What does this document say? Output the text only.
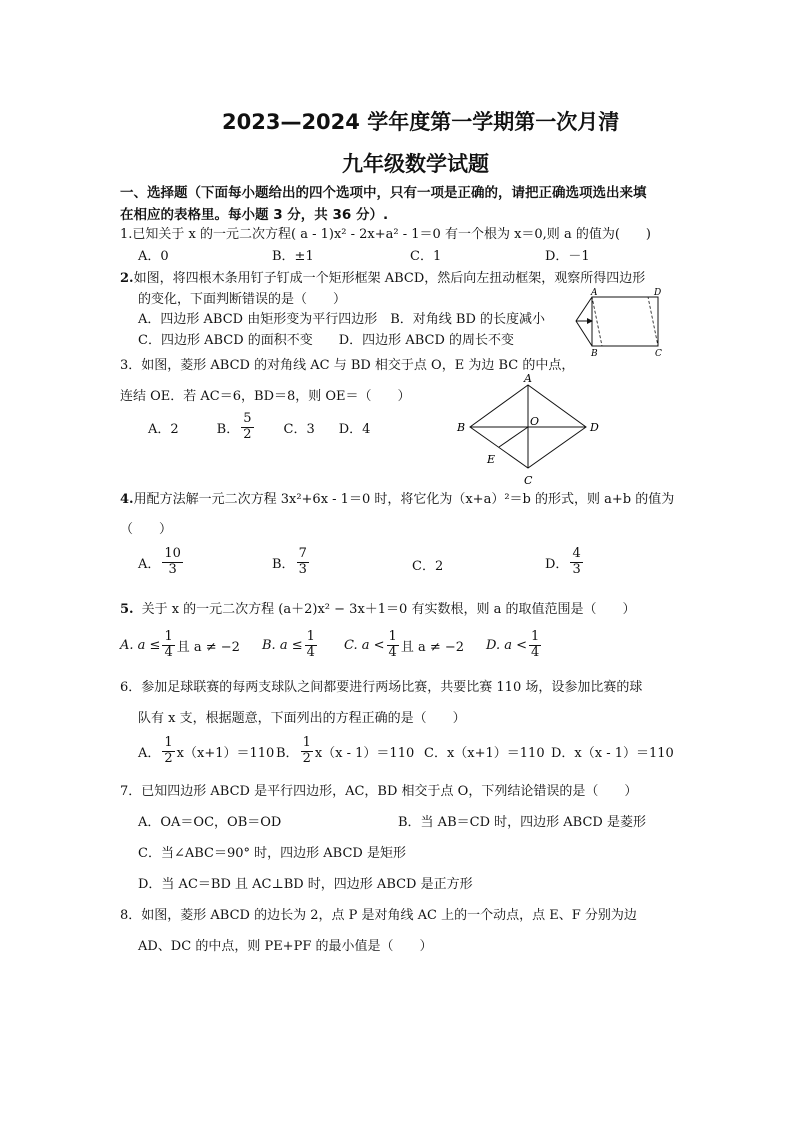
2023—2024 学年度第一学期第一次月清
九年级数学试题
一、选择题（下面每小题给出的四个选项中，只有一项是正确的，请把正确选项选出来填
在相应的表格里。每小题 3 分，共 36 分）.
1.已知关于 x 的一元二次方程( a - 1)x² - 2x+a² - 1＝0 有一个根为 x＝0,则 a 的值为(　　)
A．0	B．±1	C．1	D．－1
2.如图，将四根木条用钉子钉成一个矩形框架 ABCD，然后向左扭动框架，观察所得四边形
的变化，下面判断错误的是（　　）
A．四边形 ABCD 由矩形变为平行四边形　B．对角线 BD 的长度减小
C．四边形 ABCD 的面积不变　　D．四边形 ABCD 的周长不变
A	D
B	C
3．如图，菱形 ABCD 的对角线 AC 与 BD 相交于点 O，E 为边 BC 的中点，
连结 OE．若 AC＝6，BD＝8，则 OE＝（　　）
A．2	B． $\frac{5}{2}$ C．3 D．4
A
B
C
D
O
E
4.用配方法解一元二次方程 3x²+6x - 1＝0 时，将它化为（x+a）²＝b 的形式，则 a+b 的值为
（　　）
A． $\frac{10}{3}$	B． $\frac{7}{3}$	C．2	D． $\frac{4}{3}$
5. 关于 x 的一元二次方程 (a＋2)x² − 3x＋1＝0 有实数根，则 a 的取值范围是（　　）
A. $a \le \frac{1}{4}$ 且 a ≠ −2 B. $a \le \frac{1}{4} C$. $a < \frac{1}{4}$ 且 a ≠ −2 D. $a < \frac{1}{4}$
6．参加足球联赛的每两支球队之间都要进行两场比赛，共要比赛 110 场，设参加比赛的球
队有 x 支，根据题意，下面列出的方程正确的是（　　）
A． $\frac{1}{2} x(x+1)=110$ B． $\frac{1}{2} x(x - 1)=110$ C．x（x+1）＝110 D．x（x - 1）＝110
7．已知四边形 ABCD 是平行四边形，AC，BD 相交于点 O，下列结论错误的是（　　）
A．OA＝OC，OB＝OD	B．当 AB＝CD 时，四边形 ABCD 是菱形
C．当∠ABC＝90° 时，四边形 ABCD 是矩形
D．当 AC＝BD 且 AC⊥BD 时，四边形 ABCD 是正方形
8．如图，菱形 ABCD 的边长为 2，点 P 是对角线 AC 上的一个动点，点 E、F 分别为边
AD、DC 的中点，则 PE+PF 的最小值是（　　）
